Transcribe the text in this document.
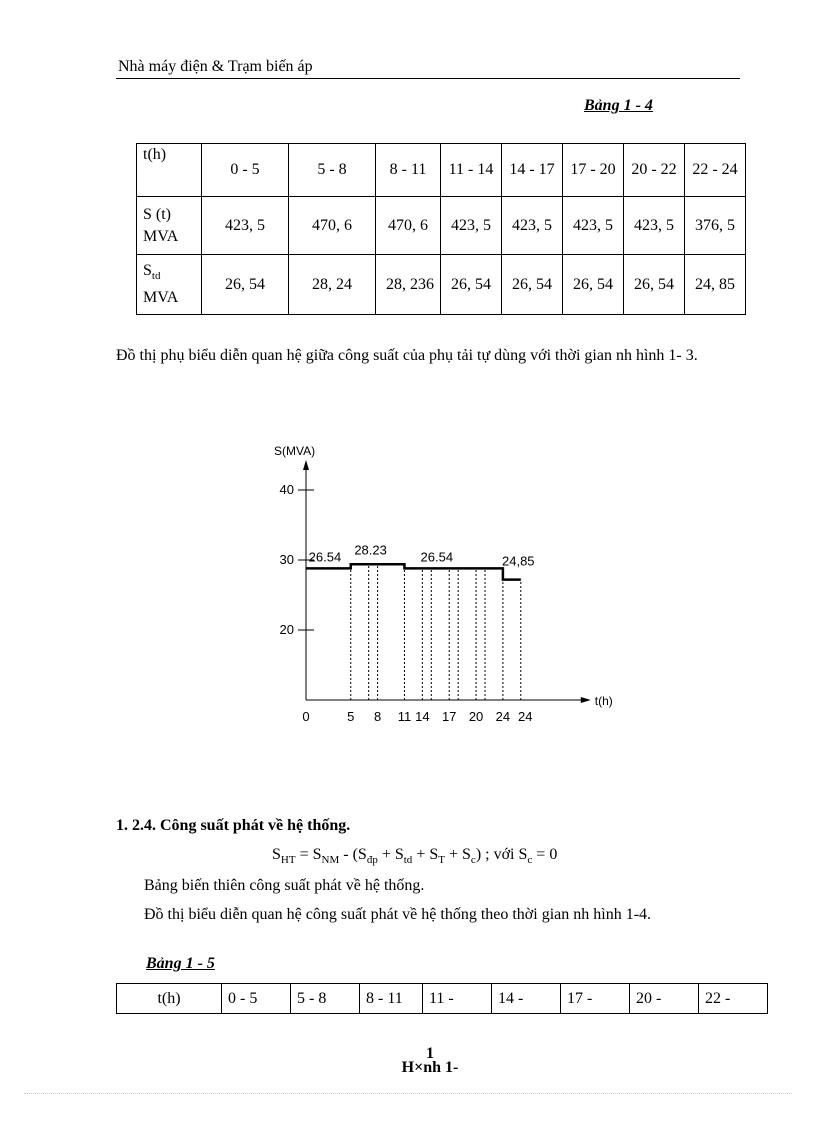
Nhà máy điện & Trạm biến áp
Bảng 1 - 4
t(h)	0 - 5	5 - 8	8 - 11	11 - 14	14 - 17	17 - 20	20 - 22	22 - 24
S (t)
MVA	423, 5	470, 6	470, 6	423, 5	423, 5	423, 5	423, 5	376, 5
$S_{td}$
MVA	26, 54	28, 24	28, 236	26, 54	26, 54	26, 54	26, 54	24, 85
Đồ thị phụ biểu diễn quan hệ giữa công suất của phụ tải tự dùng với thời gian nh hình 1- 3.
S(MVA)
t(h)
20
30
40
0	5 8 11 14 17 20 24 24
26.54 28.23	26.54	24,85
1. 2.4. Công suất phát về hệ thống.
$S_{HT} = S_{NM} - (S_{đp} + S_{td} + S_T + S_c)$ ; với $S_c = 0$
Bảng biến thiên công suất phát về hệ thống.
Đồ thị biểu diễn quan hệ công suất phát về hệ thống theo thời gian nh hình 1-4.
Bảng 1 - 5
t(h)	0 - 5	5 - 8	8 - 11	11 -	14 -	17 -	20 -	22 -
1
H×nh 1-
